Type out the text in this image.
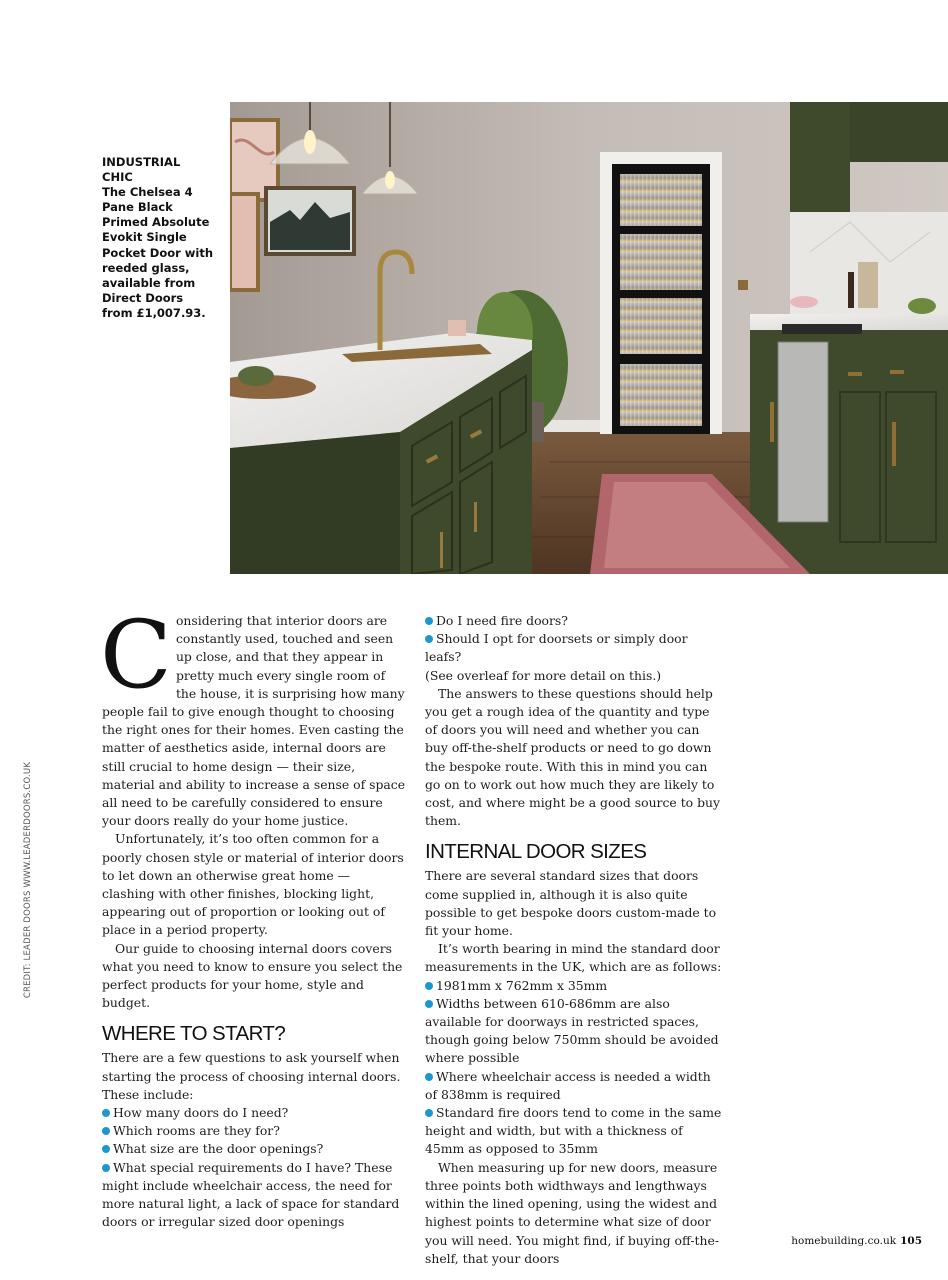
INDUSTRIAL CHIC
The Chelsea 4 Pane Black Primed Absolute Evokit Single Pocket Door with reeded glass, available from Direct Doors from £1,007.93.
CREDIT: LEADER DOORS WWW.LEADERDOORS.CO.UK

Considering that interior doors are constantly used, touched and seen up close, and that they appear in pretty much every single room of the house, it is surprising how many people fail to give enough thought to choosing the right ones for their homes. Even casting the matter of aesthetics aside, internal doors are still crucial to home design — their size, material and ability to increase a sense of space all need to be carefully considered to ensure your doors really do your home justice.

Unfortunately, it’s too often common for a poorly chosen style or material of interior doors to let down an otherwise great home — clashing with other finishes, blocking light, appearing out of proportion or looking out of place in a period property.

Our guide to choosing internal doors covers what you need to know to ensure you select the perfect products for your home, style and budget.

WHERE TO START?

There are a few questions to ask yourself when starting the process of choosing internal doors. These include:

How many doors do I need?

Which rooms are they for?

What size are the door openings?

What special requirements do I have? These might include wheelchair access, the need for more natural light, a lack of space for standard doors or irregular sized door openings

Do I need fire doors?

Should I opt for doorsets or simply door leafs?

(See overleaf for more detail on this.)

The answers to these questions should help you get a rough idea of the quantity and type of doors you will need and whether you can buy off-the-shelf products or need to go down the bespoke route. With this in mind you can go on to work out how much they are likely to cost, and where might be a good source to buy them.

INTERNAL DOOR SIZES

There are several standard sizes that doors come supplied in, although it is also quite possible to get bespoke doors custom-made to fit your home.

It’s worth bearing in mind the standard door measurements in the UK, which are as follows:

1981mm x 762mm x 35mm

Widths between 610-686mm are also available for doorways in restricted spaces, though going below 750mm should be avoided where possible

Where wheelchair access is needed a width of 838mm is required

Standard fire doors tend to come in the same height and width, but with a thickness of 45mm as opposed to 35mm

When measuring up for new doors, measure three points both widthways and lengthways within the lined opening, using the widest and highest points to determine what size of door you will need. You might find, if buying off-the-shelf, that your doors

homebuilding.co.uk 105
